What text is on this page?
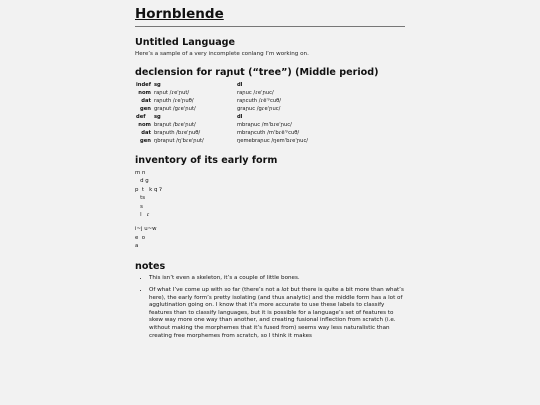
Hornblende
Untitled Language

Here’s a sample of a very incomplete conlang I’m working on.

declension for raɲut (“tree”) (Middle period)
indef	sg	dl
nom	raɲut /ɾeˈɲut/	raɲuc /ɾeˈɲuc/
dat	raɲuth /ɾeˈɲuθ/	raɲcuth /ɾẽˈᶮcuθ/
gen	graɲut /gɾeˈɲut/	graɲuc /gɾeˈɲuc/
def	sg	dl
nom	braɲut /bɾeˈɲut/	mbraɲuc /mˈbɾeˈɲuc/
dat	braɲuth /bɾeˈɲuθ/	mbraɲcuth /mˈbɾẽˈᶮcuθ/
gen	ŋbraɲut /ŋˈbɾeˈɲut/	ŋemebraɲuc /ŋemˈbɾeˈɲuc/
inventory of its early form
m n
d g
p  t   k q ʔ
ts
s
l   ɾ
i~j u~w
e  o
a
notes
• This isn’t even a skeleton, it’s a couple of little bones.
• Of what I’ve come up with so far (there’s not a lot but there is quite a bit more than what’s here), the early form’s pretty isolating (and thus analytic) and the middle form has a lot of agglutination going on. I know that it’s more accurate to use these labels to classify features than to classify languages, but it is possible for a language’s set of features to skew way more one way than another, and creating fusional inflection from scratch (i.e. without making the morphemes that it’s fused from) seems way less naturalistic than creating free morphemes from scratch, so I think it makes
